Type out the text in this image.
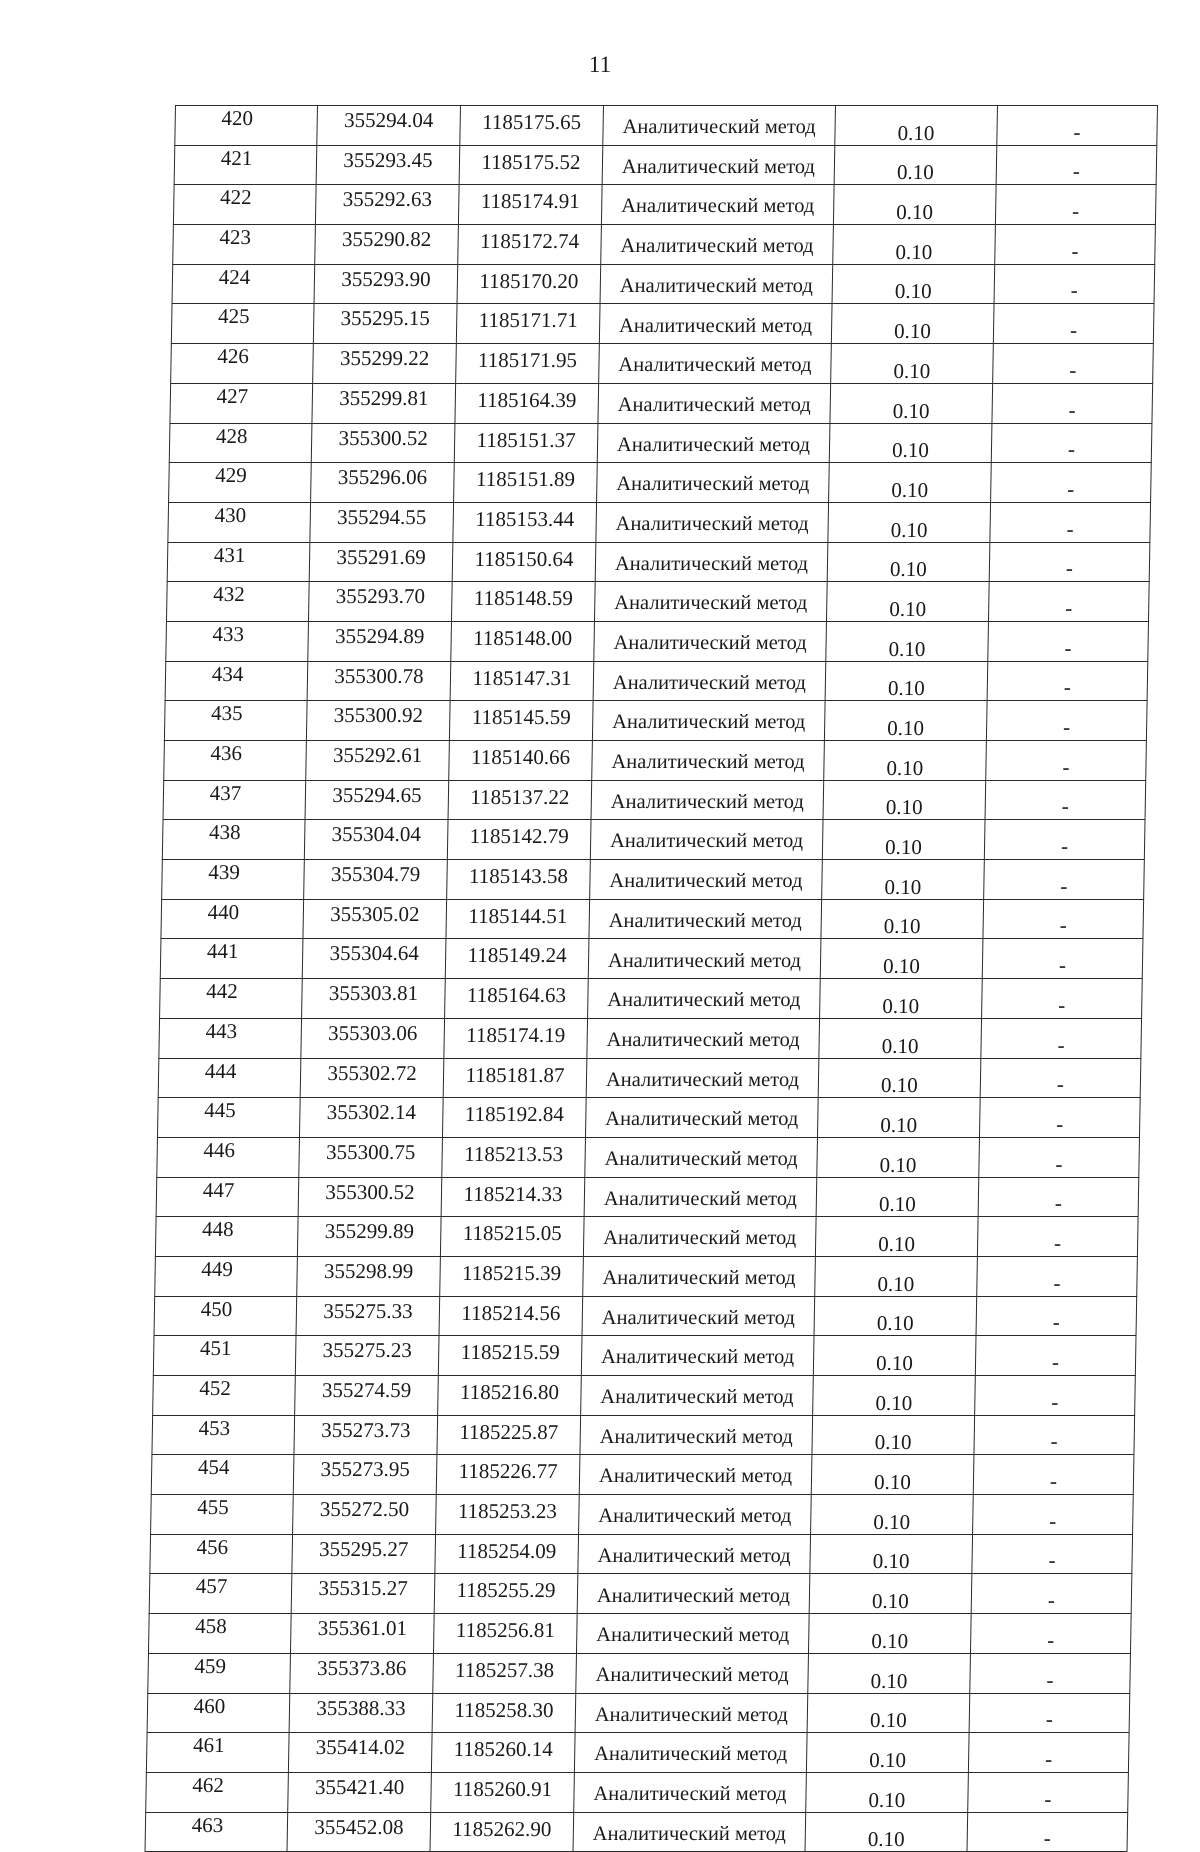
11
420	355294.04	1185175.65	Аналитический метод	0.10	-
421	355293.45	1185175.52	Аналитический метод	0.10	-
422	355292.63	1185174.91	Аналитический метод	0.10	-
423	355290.82	1185172.74	Аналитический метод	0.10	-
424	355293.90	1185170.20	Аналитический метод	0.10	-
425	355295.15	1185171.71	Аналитический метод	0.10	-
426	355299.22	1185171.95	Аналитический метод	0.10	-
427	355299.81	1185164.39	Аналитический метод	0.10	-
428	355300.52	1185151.37	Аналитический метод	0.10	-
429	355296.06	1185151.89	Аналитический метод	0.10	-
430	355294.55	1185153.44	Аналитический метод	0.10	-
431	355291.69	1185150.64	Аналитический метод	0.10	-
432	355293.70	1185148.59	Аналитический метод	0.10	-
433	355294.89	1185148.00	Аналитический метод	0.10	-
434	355300.78	1185147.31	Аналитический метод	0.10	-
435	355300.92	1185145.59	Аналитический метод	0.10	-
436	355292.61	1185140.66	Аналитический метод	0.10	-
437	355294.65	1185137.22	Аналитический метод	0.10	-
438	355304.04	1185142.79	Аналитический метод	0.10	-
439	355304.79	1185143.58	Аналитический метод	0.10	-
440	355305.02	1185144.51	Аналитический метод	0.10	-
441	355304.64	1185149.24	Аналитический метод	0.10	-
442	355303.81	1185164.63	Аналитический метод	0.10	-
443	355303.06	1185174.19	Аналитический метод	0.10	-
444	355302.72	1185181.87	Аналитический метод	0.10	-
445	355302.14	1185192.84	Аналитический метод	0.10	-
446	355300.75	1185213.53	Аналитический метод	0.10	-
447	355300.52	1185214.33	Аналитический метод	0.10	-
448	355299.89	1185215.05	Аналитический метод	0.10	-
449	355298.99	1185215.39	Аналитический метод	0.10	-
450	355275.33	1185214.56	Аналитический метод	0.10	-
451	355275.23	1185215.59	Аналитический метод	0.10	-
452	355274.59	1185216.80	Аналитический метод	0.10	-
453	355273.73	1185225.87	Аналитический метод	0.10	-
454	355273.95	1185226.77	Аналитический метод	0.10	-
455	355272.50	1185253.23	Аналитический метод	0.10	-
456	355295.27	1185254.09	Аналитический метод	0.10	-
457	355315.27	1185255.29	Аналитический метод	0.10	-
458	355361.01	1185256.81	Аналитический метод	0.10	-
459	355373.86	1185257.38	Аналитический метод	0.10	-
460	355388.33	1185258.30	Аналитический метод	0.10	-
461	355414.02	1185260.14	Аналитический метод	0.10	-
462	355421.40	1185260.91	Аналитический метод	0.10	-
463	355452.08	1185262.90	Аналитический метод	0.10	-
